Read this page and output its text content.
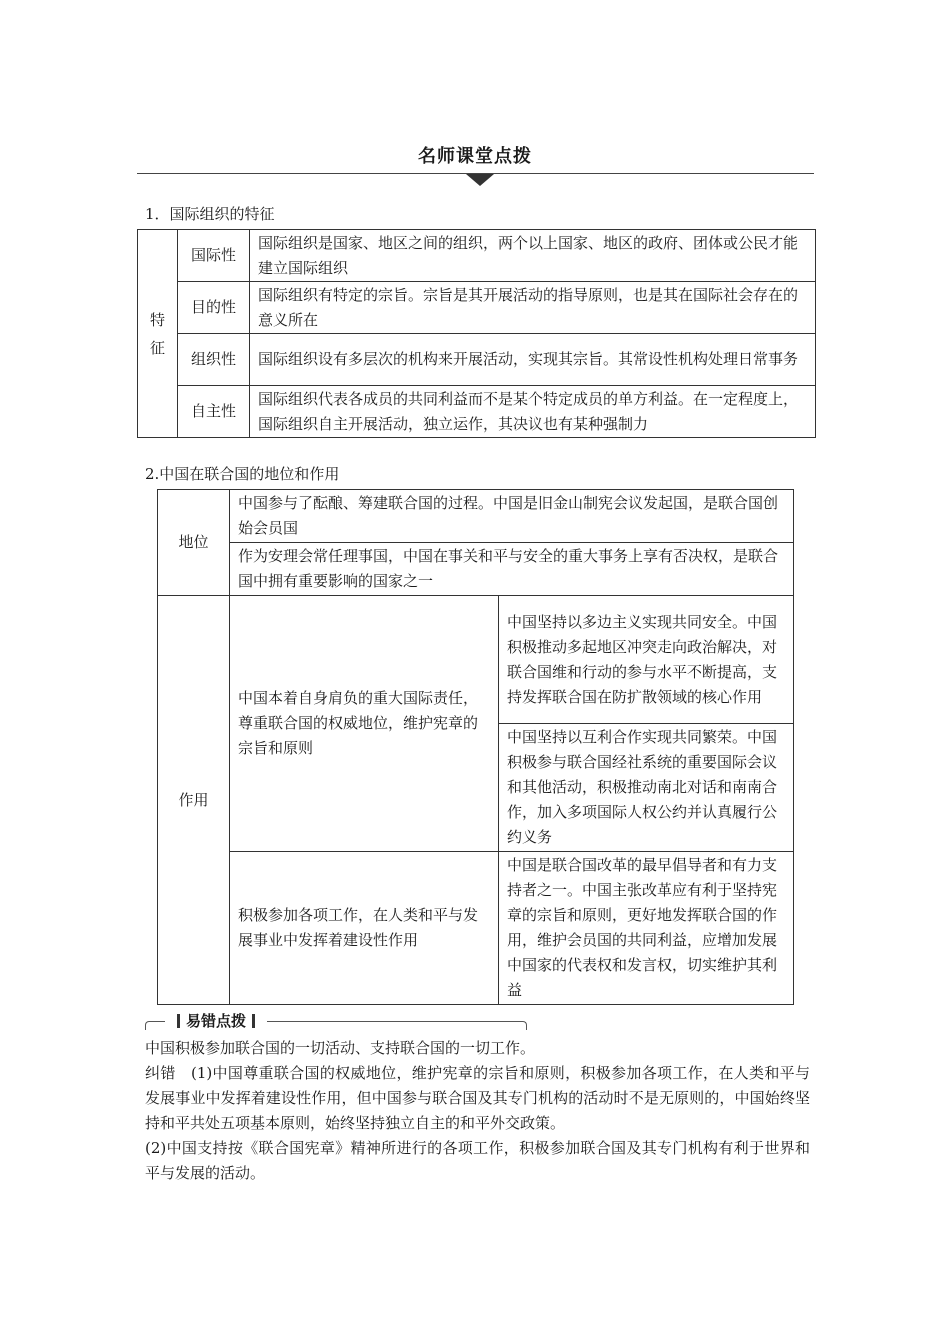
名师课堂点拨
1．国际组织的特征
特征	国际性	国际组织是国家、地区之间的组织，两个以上国家、地区的政府、团体或公民才能建立国际组织
	目的性	国际组织有特定的宗旨。宗旨是其开展活动的指导原则，也是其在国际社会存在的意义所在
	组织性	国际组织设有多层次的机构来开展活动，实现其宗旨。其常设性机构处理日常事务
	自主性	国际组织代表各成员的共同利益而不是某个特定成员的单方利益。在一定程度上，国际组织自主开展活动，独立运作，其决议也有某种强制力
2.中国在联合国的地位和作用
地位	中国参与了酝酿、筹建联合国的过程。中国是旧金山制宪会议发起国，是联合国创始会员国	
	作为安理会常任理事国，中国在事关和平与安全的重大事务上享有否决权，是联合国中拥有重要影响的国家之一	
作用	中国本着自身肩负的重大国际责任，尊重联合国的权威地位，维护宪章的宗旨和原则	中国坚持以多边主义实现共同安全。中国积极推动多起地区冲突走向政治解决，对联合国维和行动的参与水平不断提高，支持发挥联合国在防扩散领域的核心作用
		中国坚持以互利合作实现共同繁荣。中国积极参与联合国经社系统的重要国际会议和其他活动，积极推动南北对话和南南合作，加入多项国际人权公约并认真履行公约义务
	积极参加各项工作，在人类和平与发展事业中发挥着建设性作用	中国是联合国改革的最早倡导者和有力支持者之一。中国主张改革应有利于坚持宪章的宗旨和原则，更好地发挥联合国的作用，维护会员国的共同利益，应增加发展中国家的代表权和发言权，切实维护其利益
易错点拨
中国积极参加联合国的一切活动、支持联合国的一切工作。
纠错　(1)中国尊重联合国的权威地位，维护宪章的宗旨和原则，积极参加各项工作，在人类和平与发展事业中发挥着建设性作用，但中国参与联合国及其专门机构的活动时不是无原则的，中国始终坚持和平共处五项基本原则，始终坚持独立自主的和平外交政策。
(2)中国支持按《联合国宪章》精神所进行的各项工作，积极参加联合国及其专门机构有利于世界和平与发展的活动。
